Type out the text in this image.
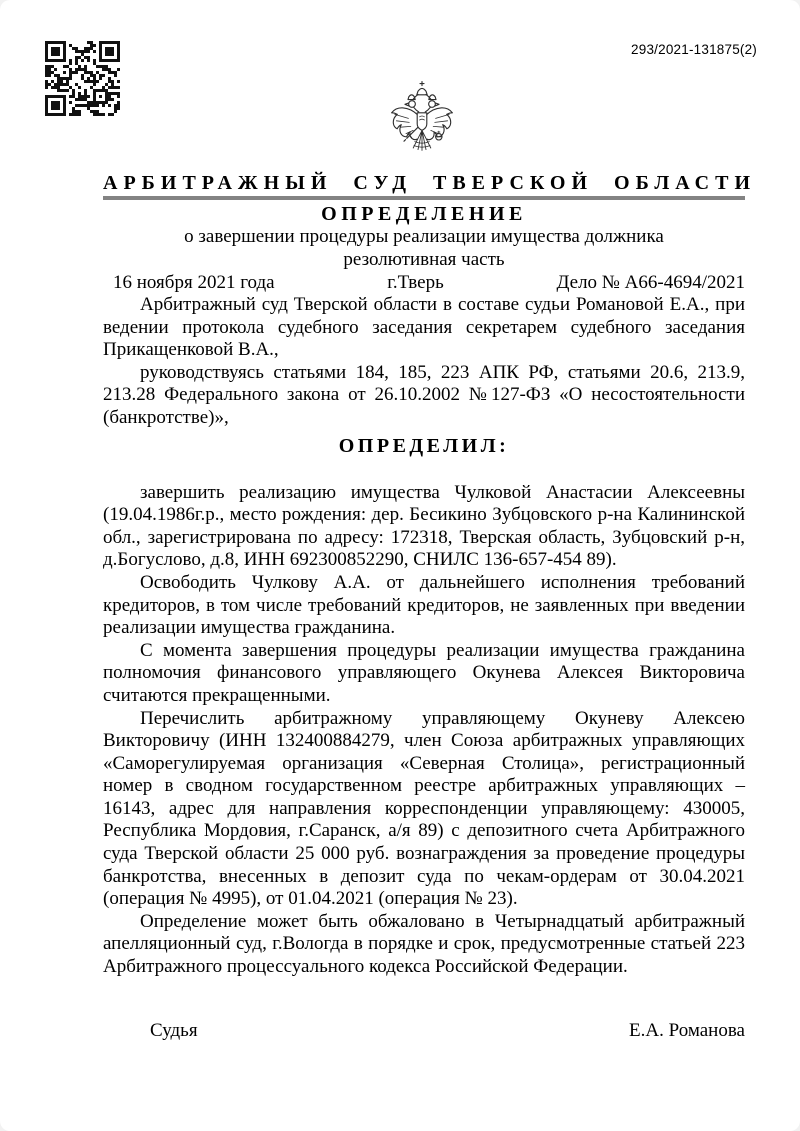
293/2021-131875(2)
АРБИТРАЖНЫЙ СУД ТВЕРСКОЙ ОБЛАСТИ
ОПРЕДЕЛЕНИЕ
о завершении процедуры реализации имущества должника
резолютивная часть
16 ноября 2021 года	г.Тверь	Дело № А66-4694/2021

Арбитражный суд Тверской области в составе судьи Романовой Е.А., при ведении протокола судебного заседания секретарем судебного заседания Прикащенковой В.А.,

руководствуясь статьями 184, 185, 223 АПК РФ, статьями 20.6, 213.9, 213.28 Федерального закона от 26.10.2002 №127-ФЗ «О несостоятельности (банкротстве)»,

ОПРЕДЕЛИЛ:

завершить реализацию имущества Чулковой Анастасии Алексеевны (19.04.1986г.р., место рождения: дер. Бесикино Зубцовского р-на Калининской обл., зарегистрирована по адресу: 172318, Тверская область, Зубцовский р-н, д.Богуслово, д.8, ИНН 692300852290, СНИЛС 136-657-454 89).

Освободить Чулкову А.А. от дальнейшего исполнения требований кредиторов, в том числе требований кредиторов, не заявленных при введении реализации имущества гражданина.

С момента завершения процедуры реализации имущества гражданина полномочия финансового управляющего Окунева Алексея Викторовича считаются прекращенными.

Перечислить арбитражному управляющему Окуневу Алексею Викторовичу (ИНН 132400884279, член Союза арбитражных управляющих «Саморегулируемая организация «Северная Столица», регистрационный номер в сводном государственном реестре арбитражных управляющих – 16143, адрес для направления корреспонденции управляющему: 430005, Республика Мордовия, г.Саранск, а/я 89) с депозитного счета Арбитражного суда Тверской области 25 000 руб. вознаграждения за проведение процедуры банкротства, внесенных в депозит суда по чекам-ордерам от 30.04.2021 (операция № 4995), от 01.04.2021 (операция № 23).

Определение может быть обжаловано в Четырнадцатый арбитражный апелляционный суд, г.Вологда в порядке и срок, предусмотренные статьей 223 Арбитражного процессуального кодекса Российской Федерации.

Судья	Е.А. Романова
